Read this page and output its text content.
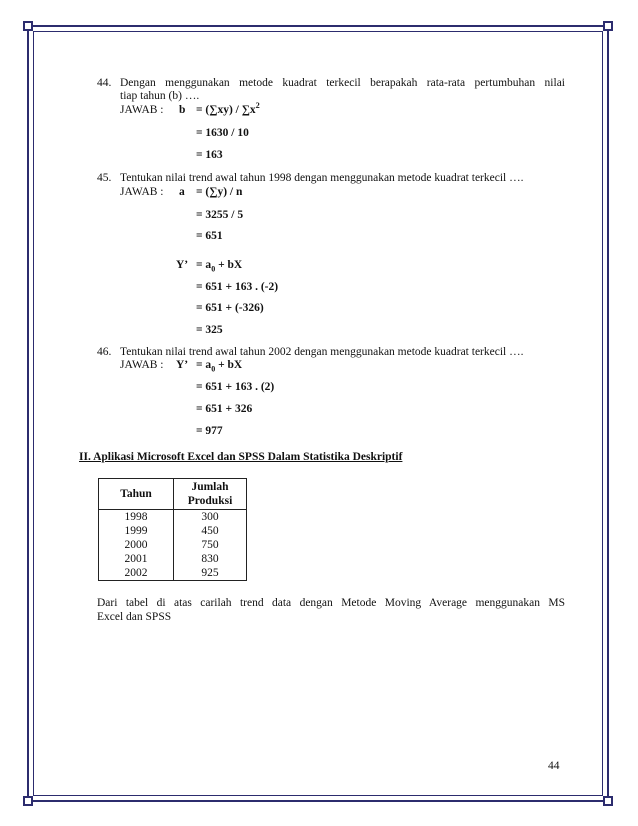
44. Dengan menggunakan metode kuadrat terkecil berapakah rata-rata pertumbuhan nilai
tiap tahun (b) ….
JAWAB : $b = (\sum xy) / \sum x^2$
= 1630 / 10
= 163
45. Tentukan nilai trend awal tahun 1998 dengan menggunakan metode kuadrat terkecil ….
JAWAB : a = (∑y) / n
= 3255 / 5
= 651
Y’ = $a_0$ + bX
= 651 + 163 . (-2)
= 651 + (-326)
= 325
46. Tentukan nilai trend awal tahun 2002 dengan menggunakan metode kuadrat terkecil ….
JAWAB : Y’ = $a_0$ + bX
= 651 + 163 . (2)
= 651 + 326
= 977
II. Aplikasi Microsoft Excel dan SPSS Dalam Statistika Deskriptif
Tahun	Jumlah
Produksi
1998	300
1999	450
2000	750
2001	830
2002	925
Dari tabel di atas carilah trend data dengan Metode Moving Average menggunakan MS
Excel dan SPSS
44
